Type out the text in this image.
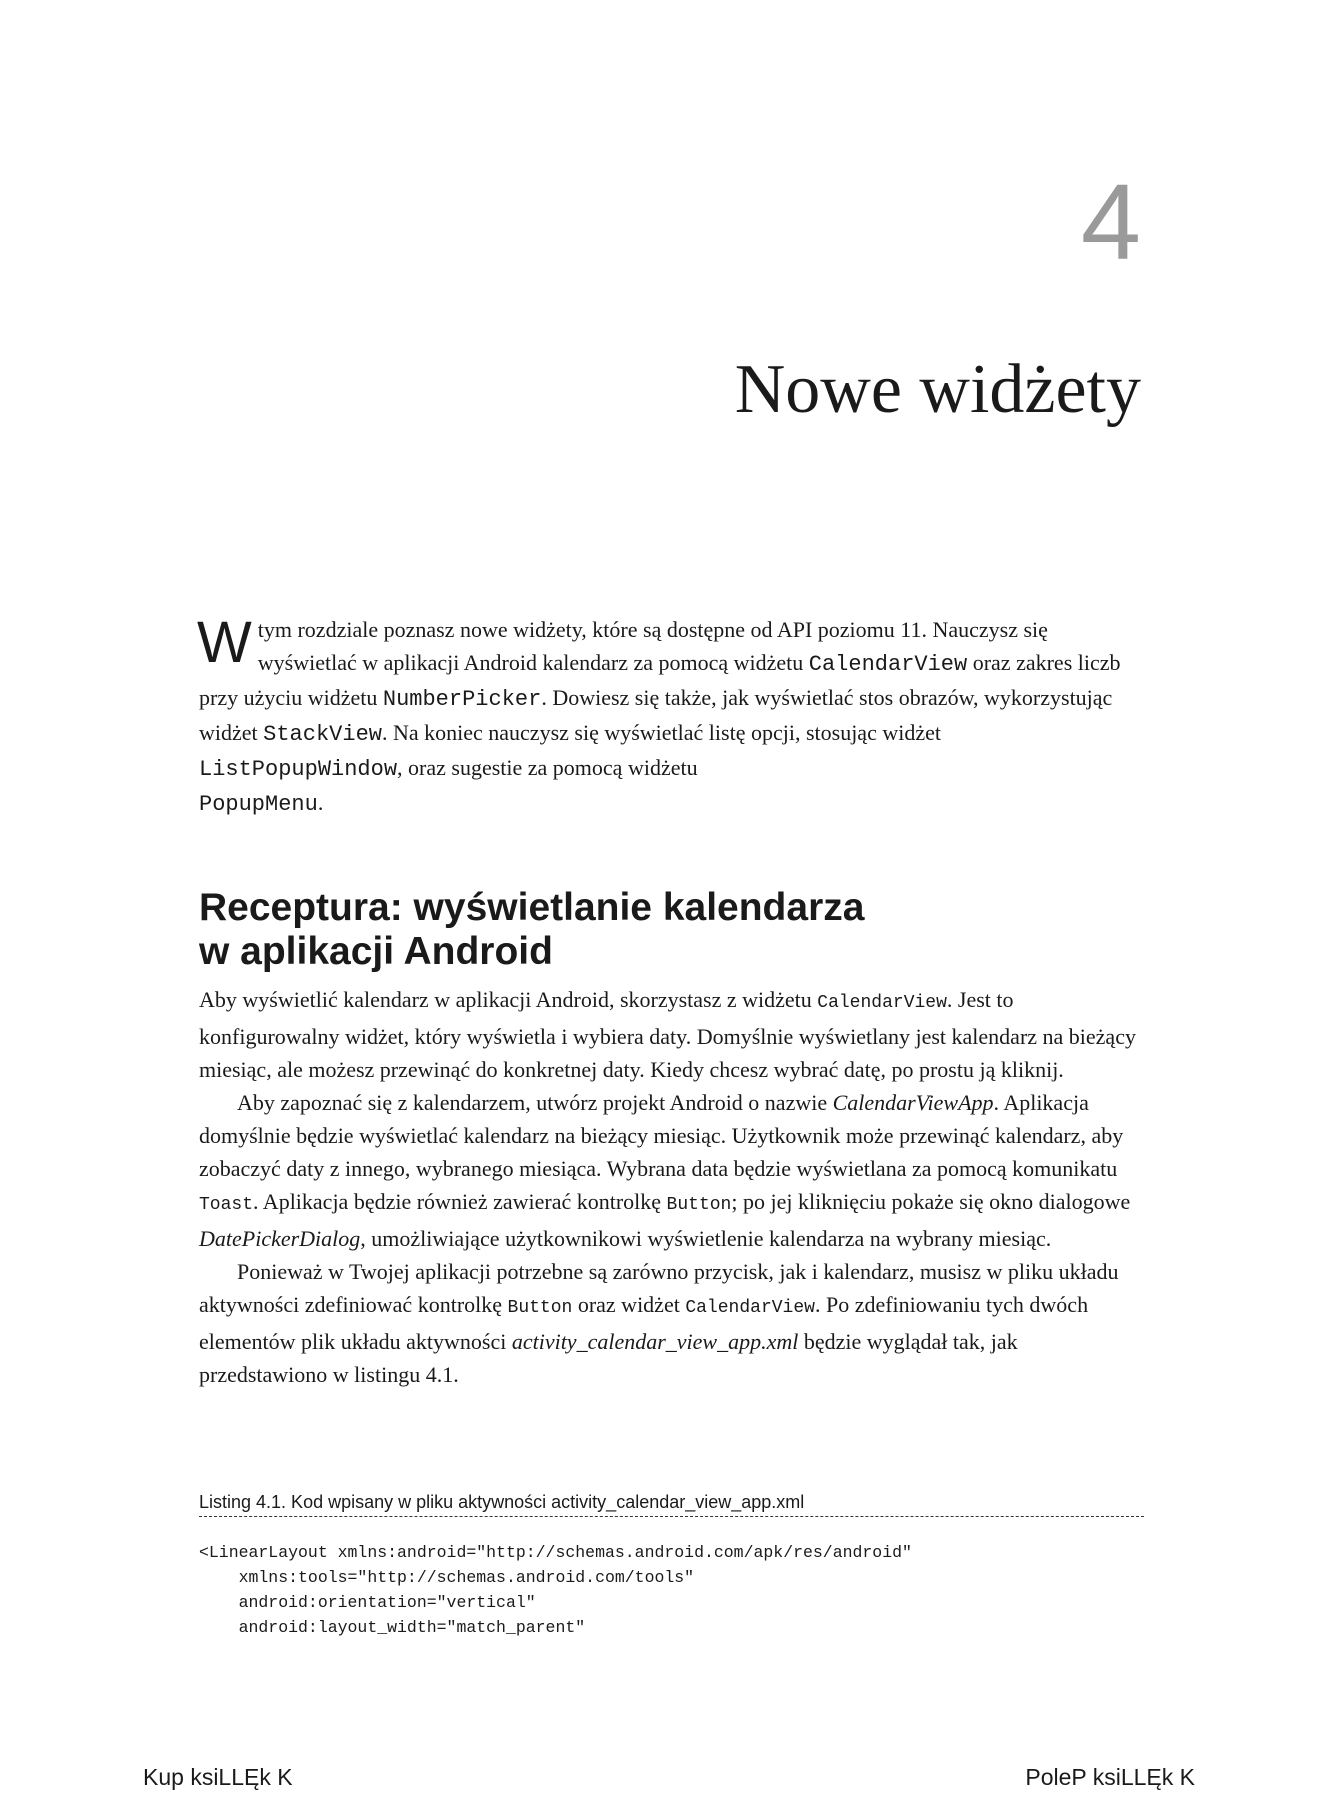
4
Nowe widżety
W tym rozdziale poznasz nowe widżety, które są dostępne od API poziomu 11. Nauczysz się wyświetlać w aplikacji Android kalendarz za pomocą widżetu CalendarView oraz zakres liczb przy użyciu widżetu NumberPicker. Dowiesz się także, jak wyświetlać stos obrazów, wykorzystując widżet StackView. Na koniec nauczysz się wyświetlać listę opcji, stosując widżet ListPopupWindow, oraz sugestie za pomocą widżetu
PopupMenu.
Receptura: wyświetlanie kalendarza
w aplikacji Android

Aby wyświetlić kalendarz w aplikacji Android, skorzystasz z widżetu CalendarView. Jest to konfigurowalny widżet, który wyświetla i wybiera daty. Domyślnie wyświetlany jest kalendarz na bieżący miesiąc, ale możesz przewinąć do konkretnej daty. Kiedy chcesz wybrać datę, po prostu ją kliknij.

Aby zapoznać się z kalendarzem, utwórz projekt Android o nazwie CalendarViewApp. Aplikacja domyślnie będzie wyświetlać kalendarz na bieżący miesiąc. Użytkownik może przewinąć kalendarz, aby zobaczyć daty z innego, wybranego miesiąca. Wybrana data będzie wyświetlana za pomocą komunikatu Toast. Aplikacja będzie również zawierać kontrolkę Button; po jej kliknięciu pokaże się okno dialogowe DatePickerDialog, umożliwiające użytkownikowi wyświetlenie kalendarza na wybrany miesiąc.

Ponieważ w Twojej aplikacji potrzebne są zarówno przycisk, jak i kalendarz, musisz w pliku układu aktywności zdefiniować kontrolkę Button oraz widżet CalendarView. Po zdefiniowaniu tych dwóch elementów plik układu aktywności activity_calendar_view_app.xml będzie wyglądał tak, jak przedstawiono w listingu 4.1.

Listing 4.1. Kod wpisany w pliku aktywności activity_calendar_view_app.xml
<LinearLayout xmlns:android="http://schemas.android.com/apk/res/android"
xmlns:tools="http://schemas.android.com/tools"
android:orientation="vertical"
android:layout_width="match_parent"
Kup ksiLLĘk K	PoleP ksiLLĘk K
